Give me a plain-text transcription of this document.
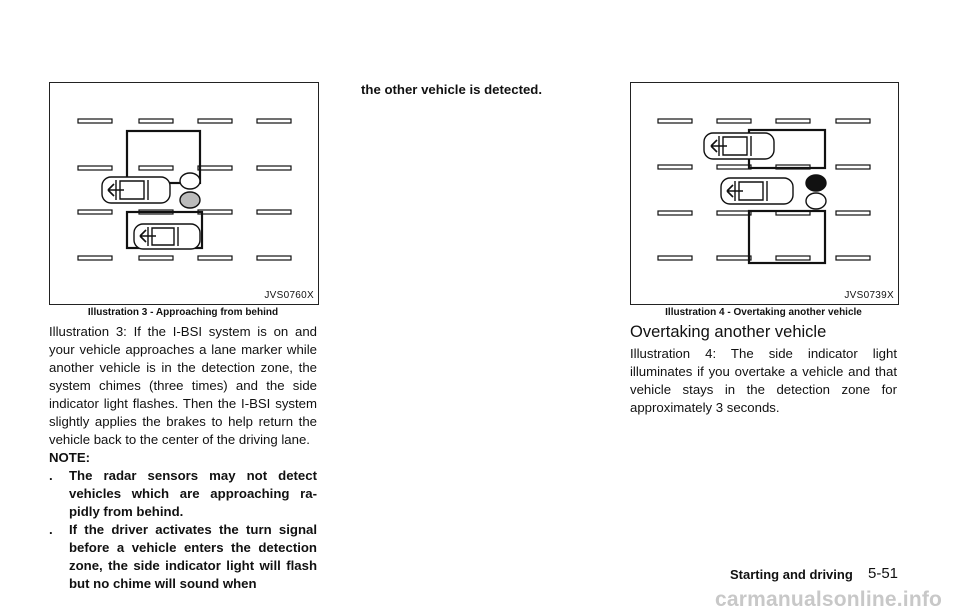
JVS0760X
Illustration 3 - Approaching from behind

Illustration 3: If the I-BSI system is on and your vehicle approaches a lane marker while another vehicle is in the detection zone, the system chimes (three times) and the side indicator light flashes. Then the I-BSI system slightly applies the brakes to help return the vehicle back to the center of the driving lane.

NOTE:
. The radar sensors may not detect vehicles which are approaching ra-pidly from behind.
. If the driver activates the turn signal before a vehicle enters the detection zone, the side indicator light will flash but no chime will sound when
the other vehicle is detected.
JVS0739X
Illustration 4 - Overtaking another vehicle
Overtaking another vehicle

Illustration 4: The side indicator light illuminates if you overtake a vehicle and that vehicle stays in the detection zone for approximately 3 seconds.

Starting and driving 5-51
carmanualsonline.info
